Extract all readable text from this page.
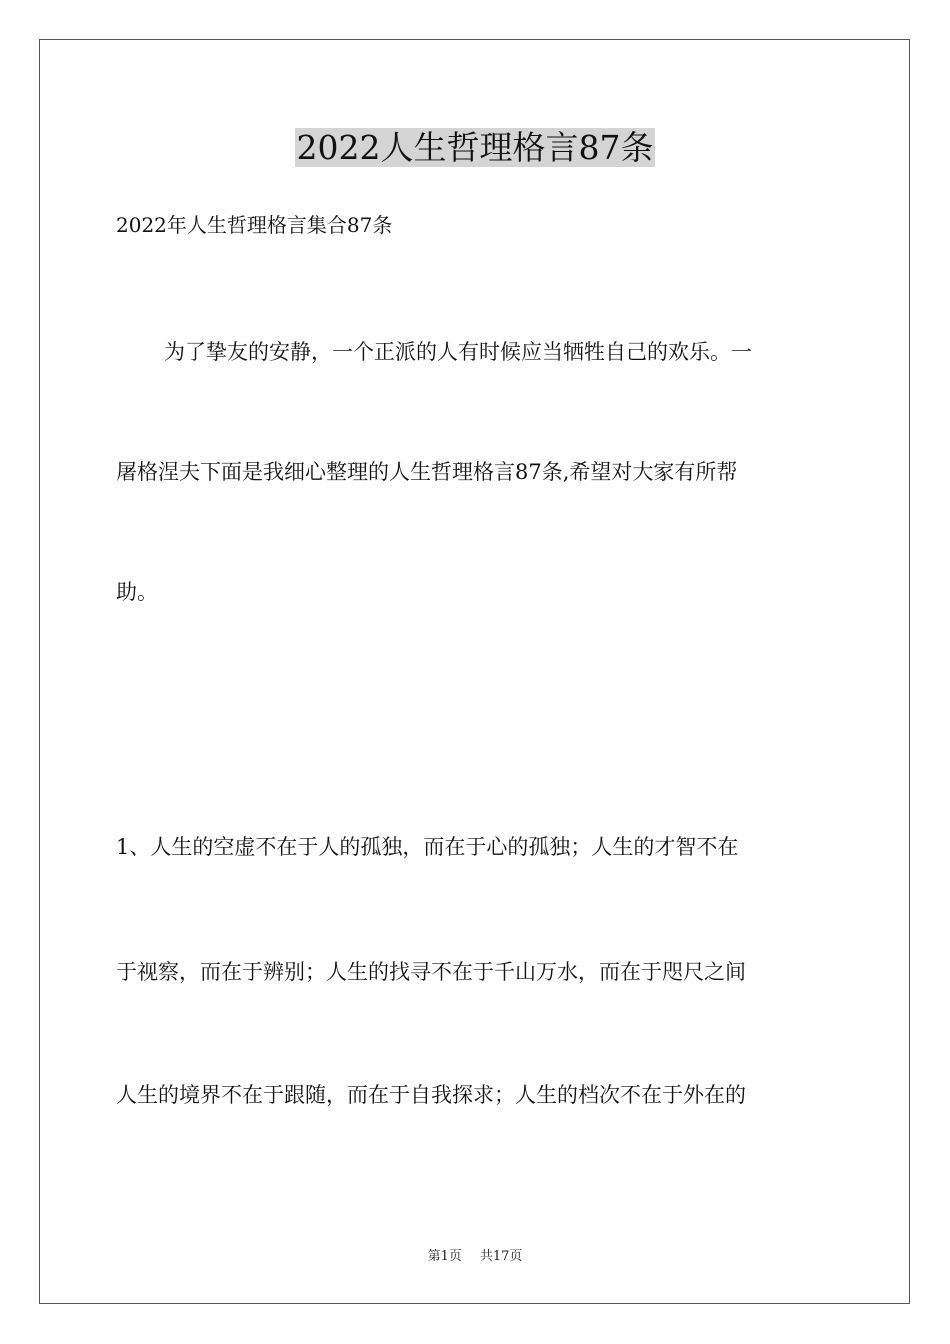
2022人生哲理格言87条

2022年人生哲理格言集合87条

为了挚友的安静，一个正派的人有时候应当牺牲自己的欢乐。一

屠格涅夫下面是我细心整理的人生哲理格言87条,希望对大家有所帮

助。

1、人生的空虚不在于人的孤独，而在于心的孤独；人生的才智不在

于视察，而在于辨别；人生的找寻不在于千山万水，而在于咫尺之间

人生的境界不在于跟随，而在于自我探求；人生的档次不在于外在的

第1页 共17页
